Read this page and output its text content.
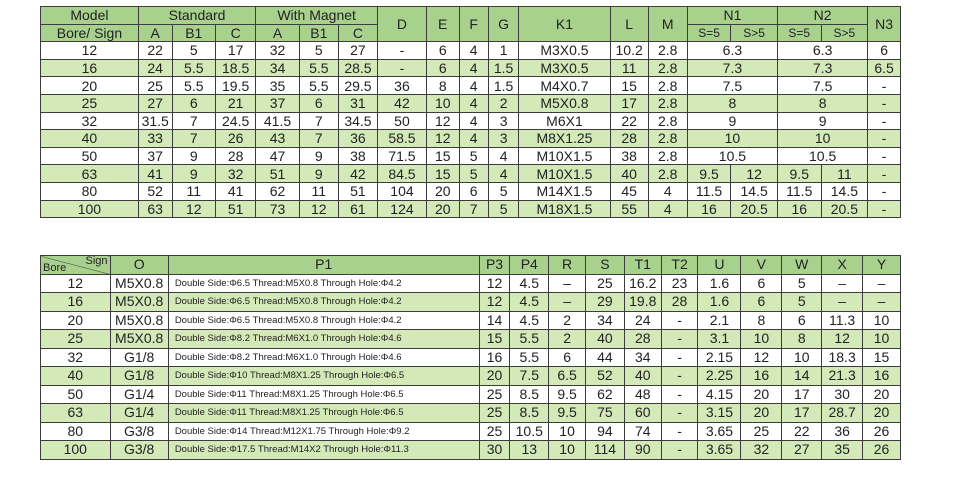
Model	Standard			With Magnet			D	E	F	G	K1	L	M	N1		N2		N3
Bore/ Sign	A	B1	C	A	B1	C								S=5	S>5	S=5	S>5	
12	22	5	17	32	5	27	-	6	4	1	M3X0.5	10.2	2.8	6.3		6.3		6
16	24	5.5	18.5	34	5.5	28.5	-	6	4	1.5	M3X0.5	11	2.8	7.3		7.3		6.5
20	25	5.5	19.5	35	5.5	29.5	36	8	4	1.5	M4X0.7	15	2.8	7.5		7.5		-
25	27	6	21	37	6	31	42	10	4	2	M5X0.8	17	2.8	8		8		-
32	31.5	7	24.5	41.5	7	34.5	50	12	4	3	M6X1	22	2.8	9		9		-
40	33	7	26	43	7	36	58.5	12	4	3	M8X1.25	28	2.8	10		10		-
50	37	9	28	47	9	38	71.5	15	5	4	M10X1.5	38	2.8	10.5		10.5		-
63	41	9	32	51	9	42	84.5	15	5	4	M10X1.5	40	2.8	9.5	12	9.5	11	-
80	52	11	41	62	11	51	104	20	6	5	M14X1.5	45	4	11.5	14.5	11.5	14.5	-
100	63	12	51	73	12	61	124	20	7	5	M18X1.5	55	4	16	20.5	16	20.5	-
Bore
Sign	O	P1	P3	P4	R	S	T1	T2	U	V	W	X	Y
12	M5X0.8	Double Side:Φ6.5 Thread:M5X0.8 Through Hole:Φ4.2	12	4.5	–	25	16.2	23	1.6	6	5	–	–
16	M5X0.8	Double Side:Φ6.5 Thread:M5X0.8 Through Hole:Φ4.2	12	4.5	–	29	19.8	28	1.6	6	5	–	–
20	M5X0.8	Double Side:Φ6.5 Thread:M5X0.8 Through Hole:Φ4.2	14	4.5	2	34	24	-	2.1	8	6	11.3	10
25	M5X0.8	Double Side:Φ8.2 Thread:M6X1.0 Through Hole:Φ4.6	15	5.5	2	40	28	-	3.1	10	8	12	10
32	G1/8	Double Side:Φ8.2 Thread:M6X1.0 Through Hole:Φ4.6	16	5.5	6	44	34	-	2.15	12	10	18.3	15
40	G1/8	Double Side:Φ10 Thread:M8X1.25 Through Hole:Φ6.5	20	7.5	6.5	52	40	-	2.25	16	14	21.3	16
50	G1/4	Double Side:Φ11 Thread:M8X1.25 Through Hole:Φ6.5	25	8.5	9.5	62	48	-	4.15	20	17	30	20
63	G1/4	Double Side:Φ11 Thread:M8X1.25 Through Hole:Φ6.5	25	8.5	9.5	75	60	-	3.15	20	17	28.7	20
80	G3/8	Double Side:Φ14 Thread:M12X1.75 Through Hole:Φ9.2	25	10.5	10	94	74	-	3.65	25	22	36	26
100	G3/8	Double Side:Φ17.5 Thread:M14X2 Through Hole:Φ11.3	30	13	10	114	90	-	3.65	32	27	35	26
